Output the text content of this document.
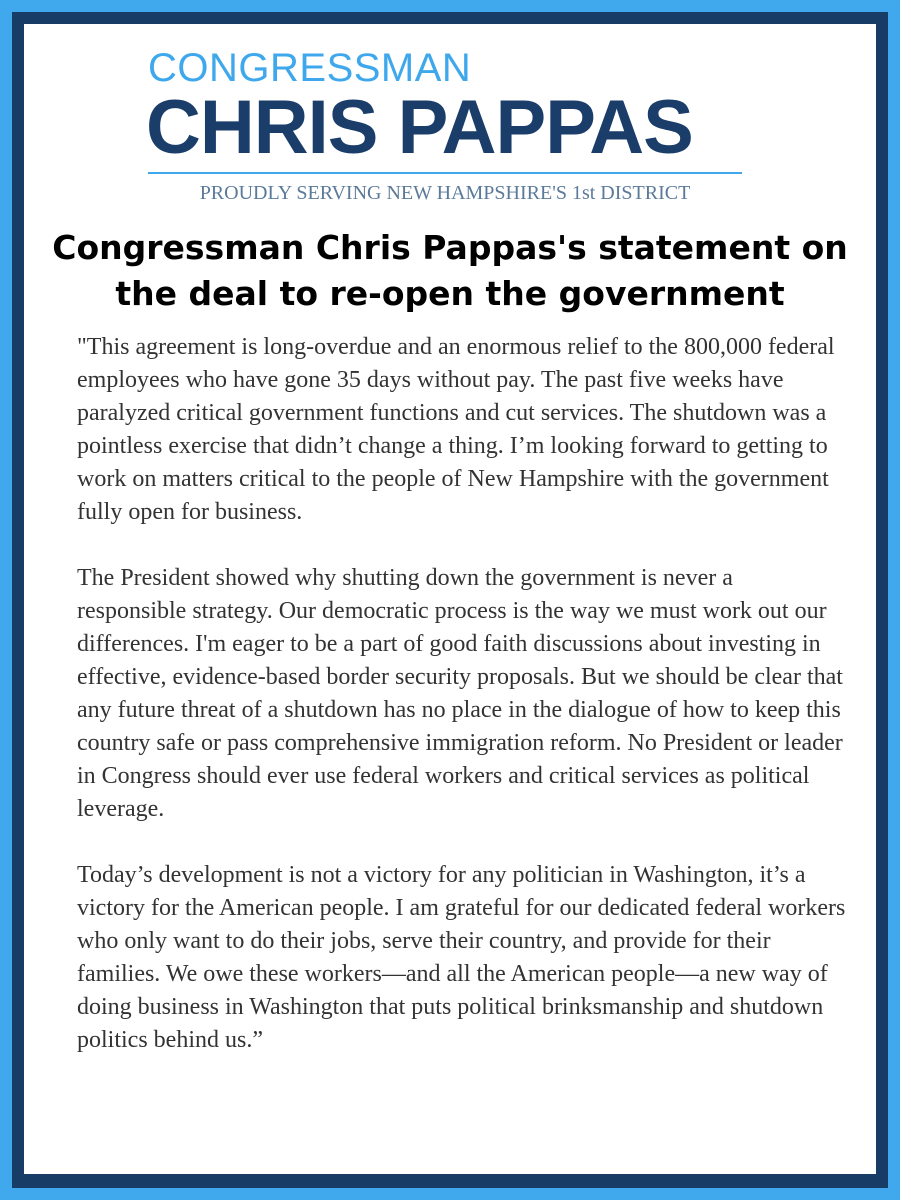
CONGRESSMAN
CHRIS PAPPAS
PROUDLY SERVING NEW HAMPSHIRE'S 1st DISTRICT
Congressman Chris Pappas's statement on the deal to re-open the government

"This agreement is long-overdue and an enormous relief to the 800,000 federal employees who have gone 35 days without pay. The past five weeks have paralyzed critical government functions and cut services. The shutdown was a pointless exercise that didn’t change a thing. I’m looking forward to getting to work on matters critical to the people of New Hampshire with the government fully open for business.

The President showed why shutting down the government is never a responsible strategy. Our democratic process is the way we must work out our differences. I'm eager to be a part of good faith discussions about investing in effective, evidence-based border security proposals. But we should be clear that any future threat of a shutdown has no place in the dialogue of how to keep this country safe or pass comprehensive immigration reform. No President or leader in Congress should ever use federal workers and critical services as political leverage.

Today’s development is not a victory for any politician in Washington, it’s a victory for the American people. I am grateful for our dedicated federal workers who only want to do their jobs, serve their country, and provide for their families. We owe these workers—and all the American people—a new way of doing business in Washington that puts political brinksmanship and shutdown politics behind us.”
